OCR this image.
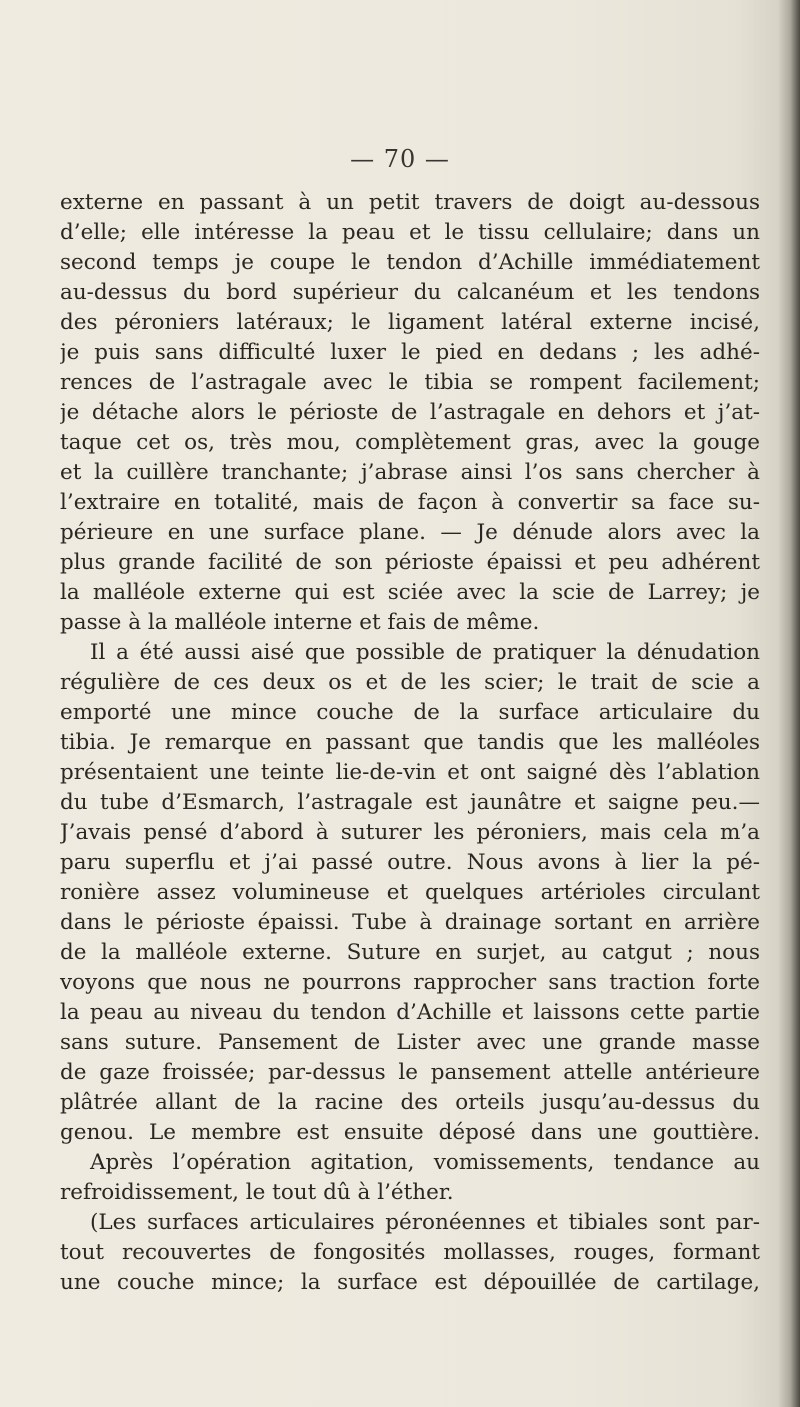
— 70 —
externe en passant à un petit travers de doigt au-dessous
d’elle; elle intéresse la peau et le tissu cellulaire; dans un
second temps je coupe le tendon d’Achille immédiatement
au-dessus du bord supérieur du calcanéum et les tendons
des péroniers latéraux; le ligament latéral externe incisé,
je puis sans difficulté luxer le pied en dedans ; les adhé-
rences de l’astragale avec le tibia se rompent facilement;
je détache alors le périoste de l’astragale en dehors et j’at-
taque cet os, très mou, complètement gras, avec la gouge
et la cuillère tranchante; j’abrase ainsi l’os sans chercher à
l’extraire en totalité, mais de façon à convertir sa face su-
périeure en une surface plane. — Je dénude alors avec la
plus grande facilité de son périoste épaissi et peu adhérent
la malléole externe qui est sciée avec la scie de Larrey; je
passe à la malléole interne et fais de même.
Il a été aussi aisé que possible de pratiquer la dénudation
régulière de ces deux os et de les scier; le trait de scie a
emporté une mince couche de la surface articulaire du
tibia. Je remarque en passant que tandis que les malléoles
présentaient une teinte lie-de-vin et ont saigné dès l’ablation
du tube d’Esmarch, l’astragale est jaunâtre et saigne peu.—
J’avais pensé d’abord à suturer les péroniers, mais cela m’a
paru superflu et j’ai passé outre. Nous avons à lier la pé-
ronière assez volumineuse et quelques artérioles circulant
dans le périoste épaissi. Tube à drainage sortant en arrière
de la malléole externe. Suture en surjet, au catgut ; nous
voyons que nous ne pourrons rapprocher sans traction forte
la peau au niveau du tendon d’Achille et laissons cette partie
sans suture. Pansement de Lister avec une grande masse
de gaze froissée; par-dessus le pansement attelle antérieure
plâtrée allant de la racine des orteils jusqu’au-dessus du
genou. Le membre est ensuite déposé dans une gouttière.
Après l’opération agitation, vomissements, tendance au
refroidissement, le tout dû à l’éther.
(Les surfaces articulaires péronéennes et tibiales sont par-
tout recouvertes de fongosités mollasses, rouges, formant
une couche mince; la surface est dépouillée de cartilage,
